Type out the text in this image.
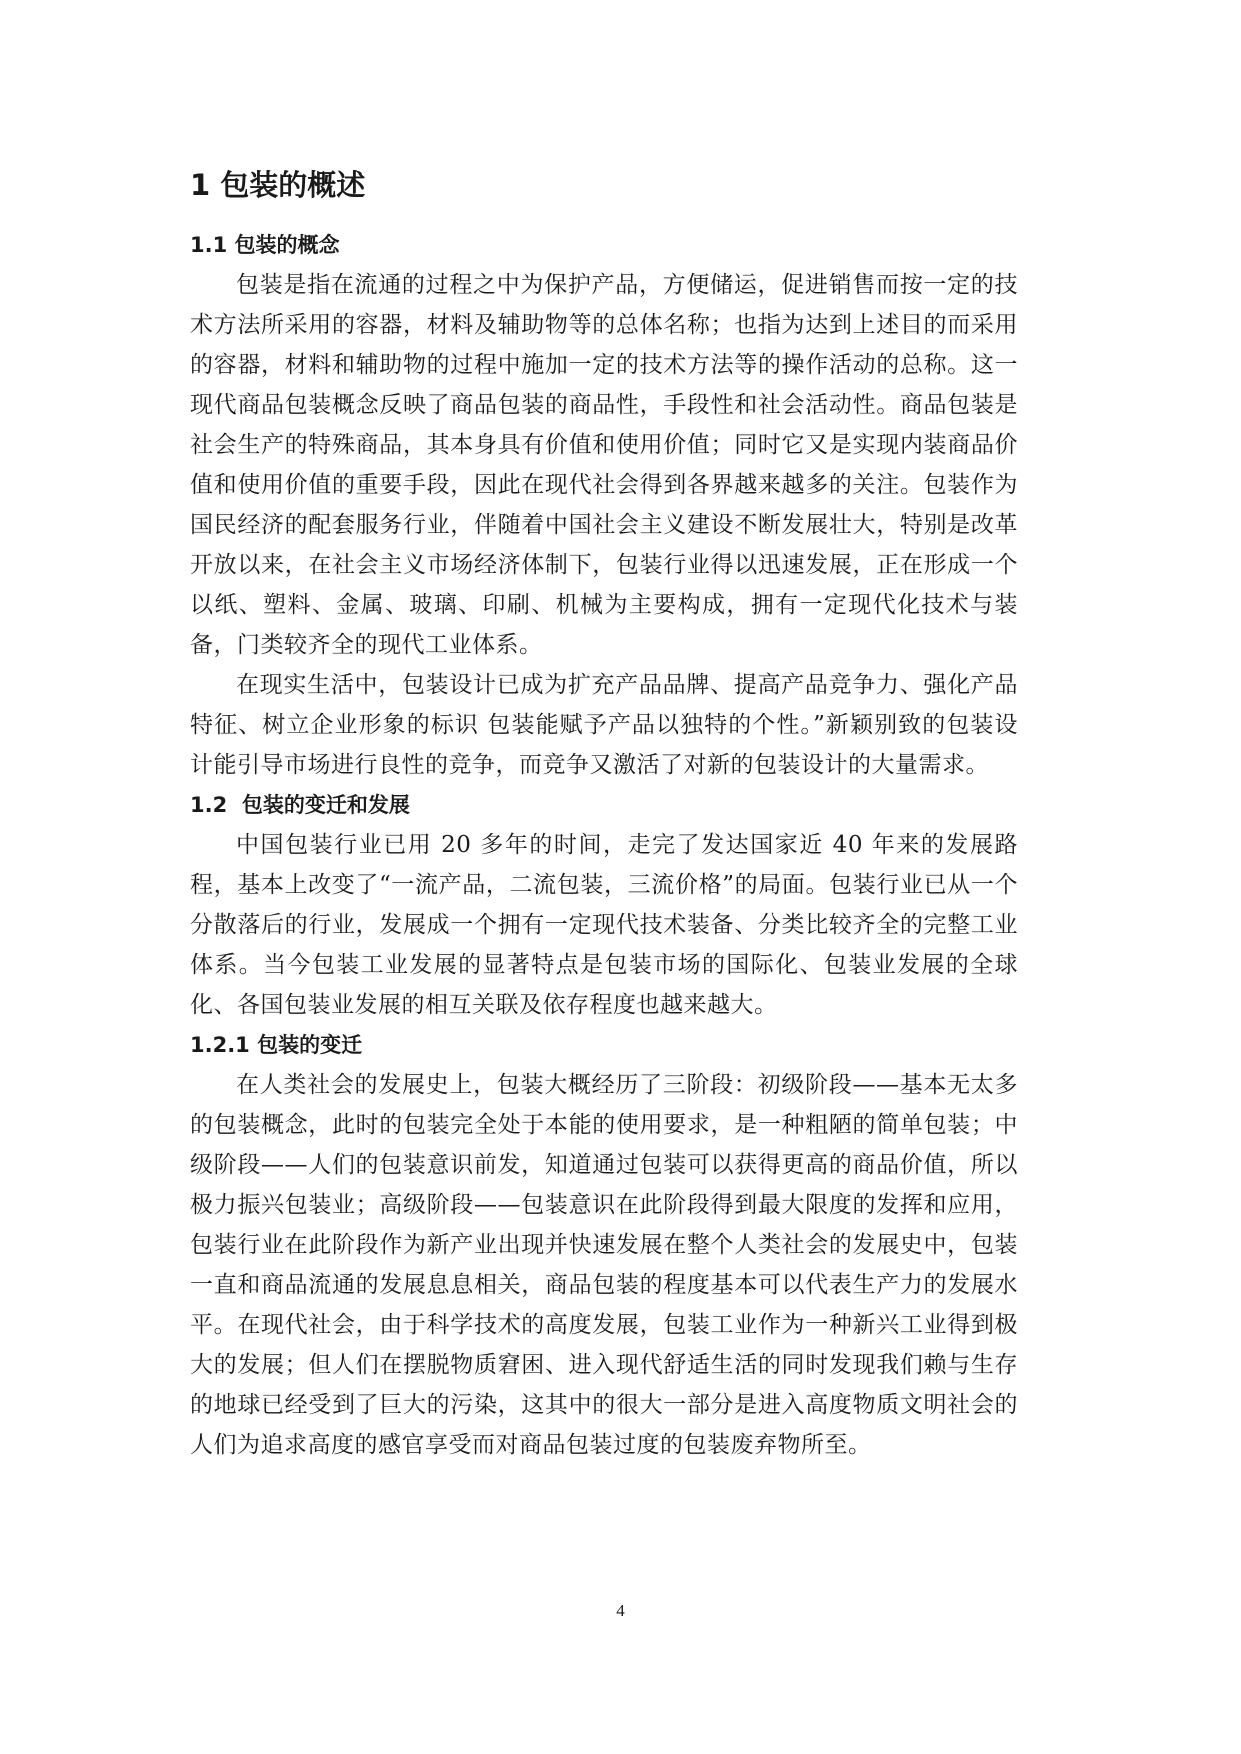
1 包装的概述
1.1 包装的概念

包装是指在流通的过程之中为保护产品，方便储运，促进销售而按一定的技术方法所采用的容器，材料及辅助物等的总体名称；也指为达到上述目的而采用的容器，材料和辅助物的过程中施加一定的技术方法等的操作活动的总称。这一现代商品包装概念反映了商品包装的商品性，手段性和社会活动性。商品包装是社会生产的特殊商品，其本身具有价值和使用价值；同时它又是实现内装商品价值和使用价值的重要手段，因此在现代社会得到各界越来越多的关注。包装作为国民经济的配套服务行业，伴随着中国社会主义建设不断发展壮大，特别是改革开放以来，在社会主义市场经济体制下，包装行业得以迅速发展，正在形成一个以纸、塑料、金属、玻璃、印刷、机械为主要构成，拥有一定现代化技术与装备，门类较齐全的现代工业体系。

在现实生活中，包装设计已成为扩充产品品牌、提高产品竞争力、强化产品特征、树立企业形象的标识 包装能赋予产品以独特的个性。”新颖别致的包装设计能引导市场进行良性的竞争，而竞争又激活了对新的包装设计的大量需求。

1.2  包装的变迁和发展

中国包装行业已用 20 多年的时间，走完了发达国家近 40 年来的发展路程，基本上改变了“一流产品，二流包装，三流价格”的局面。包装行业已从一个分散落后的行业，发展成一个拥有一定现代技术装备、分类比较齐全的完整工业体系。当今包装工业发展的显著特点是包装市场的国际化、包装业发展的全球化、各国包装业发展的相互关联及依存程度也越来越大。

1.2.1 包装的变迁

在人类社会的发展史上，包装大概经历了三阶段：初级阶段——基本无太多的包装概念，此时的包装完全处于本能的使用要求，是一种粗陋的简单包装；中级阶段——人们的包装意识前发，知道通过包装可以获得更高的商品价值，所以极力振兴包装业；高级阶段——包装意识在此阶段得到最大限度的发挥和应用，包装行业在此阶段作为新产业出现并快速发展在整个人类社会的发展史中，包装一直和商品流通的发展息息相关，商品包装的程度基本可以代表生产力的发展水平。在现代社会，由于科学技术的高度发展，包装工业作为一种新兴工业得到极大的发展；但人们在摆脱物质窘困、进入现代舒适生活的同时发现我们赖与生存的地球已经受到了巨大的污染，这其中的很大一部分是进入高度物质文明社会的人们为追求高度的感官享受而对商品包装过度的包装废弃物所至。

4
